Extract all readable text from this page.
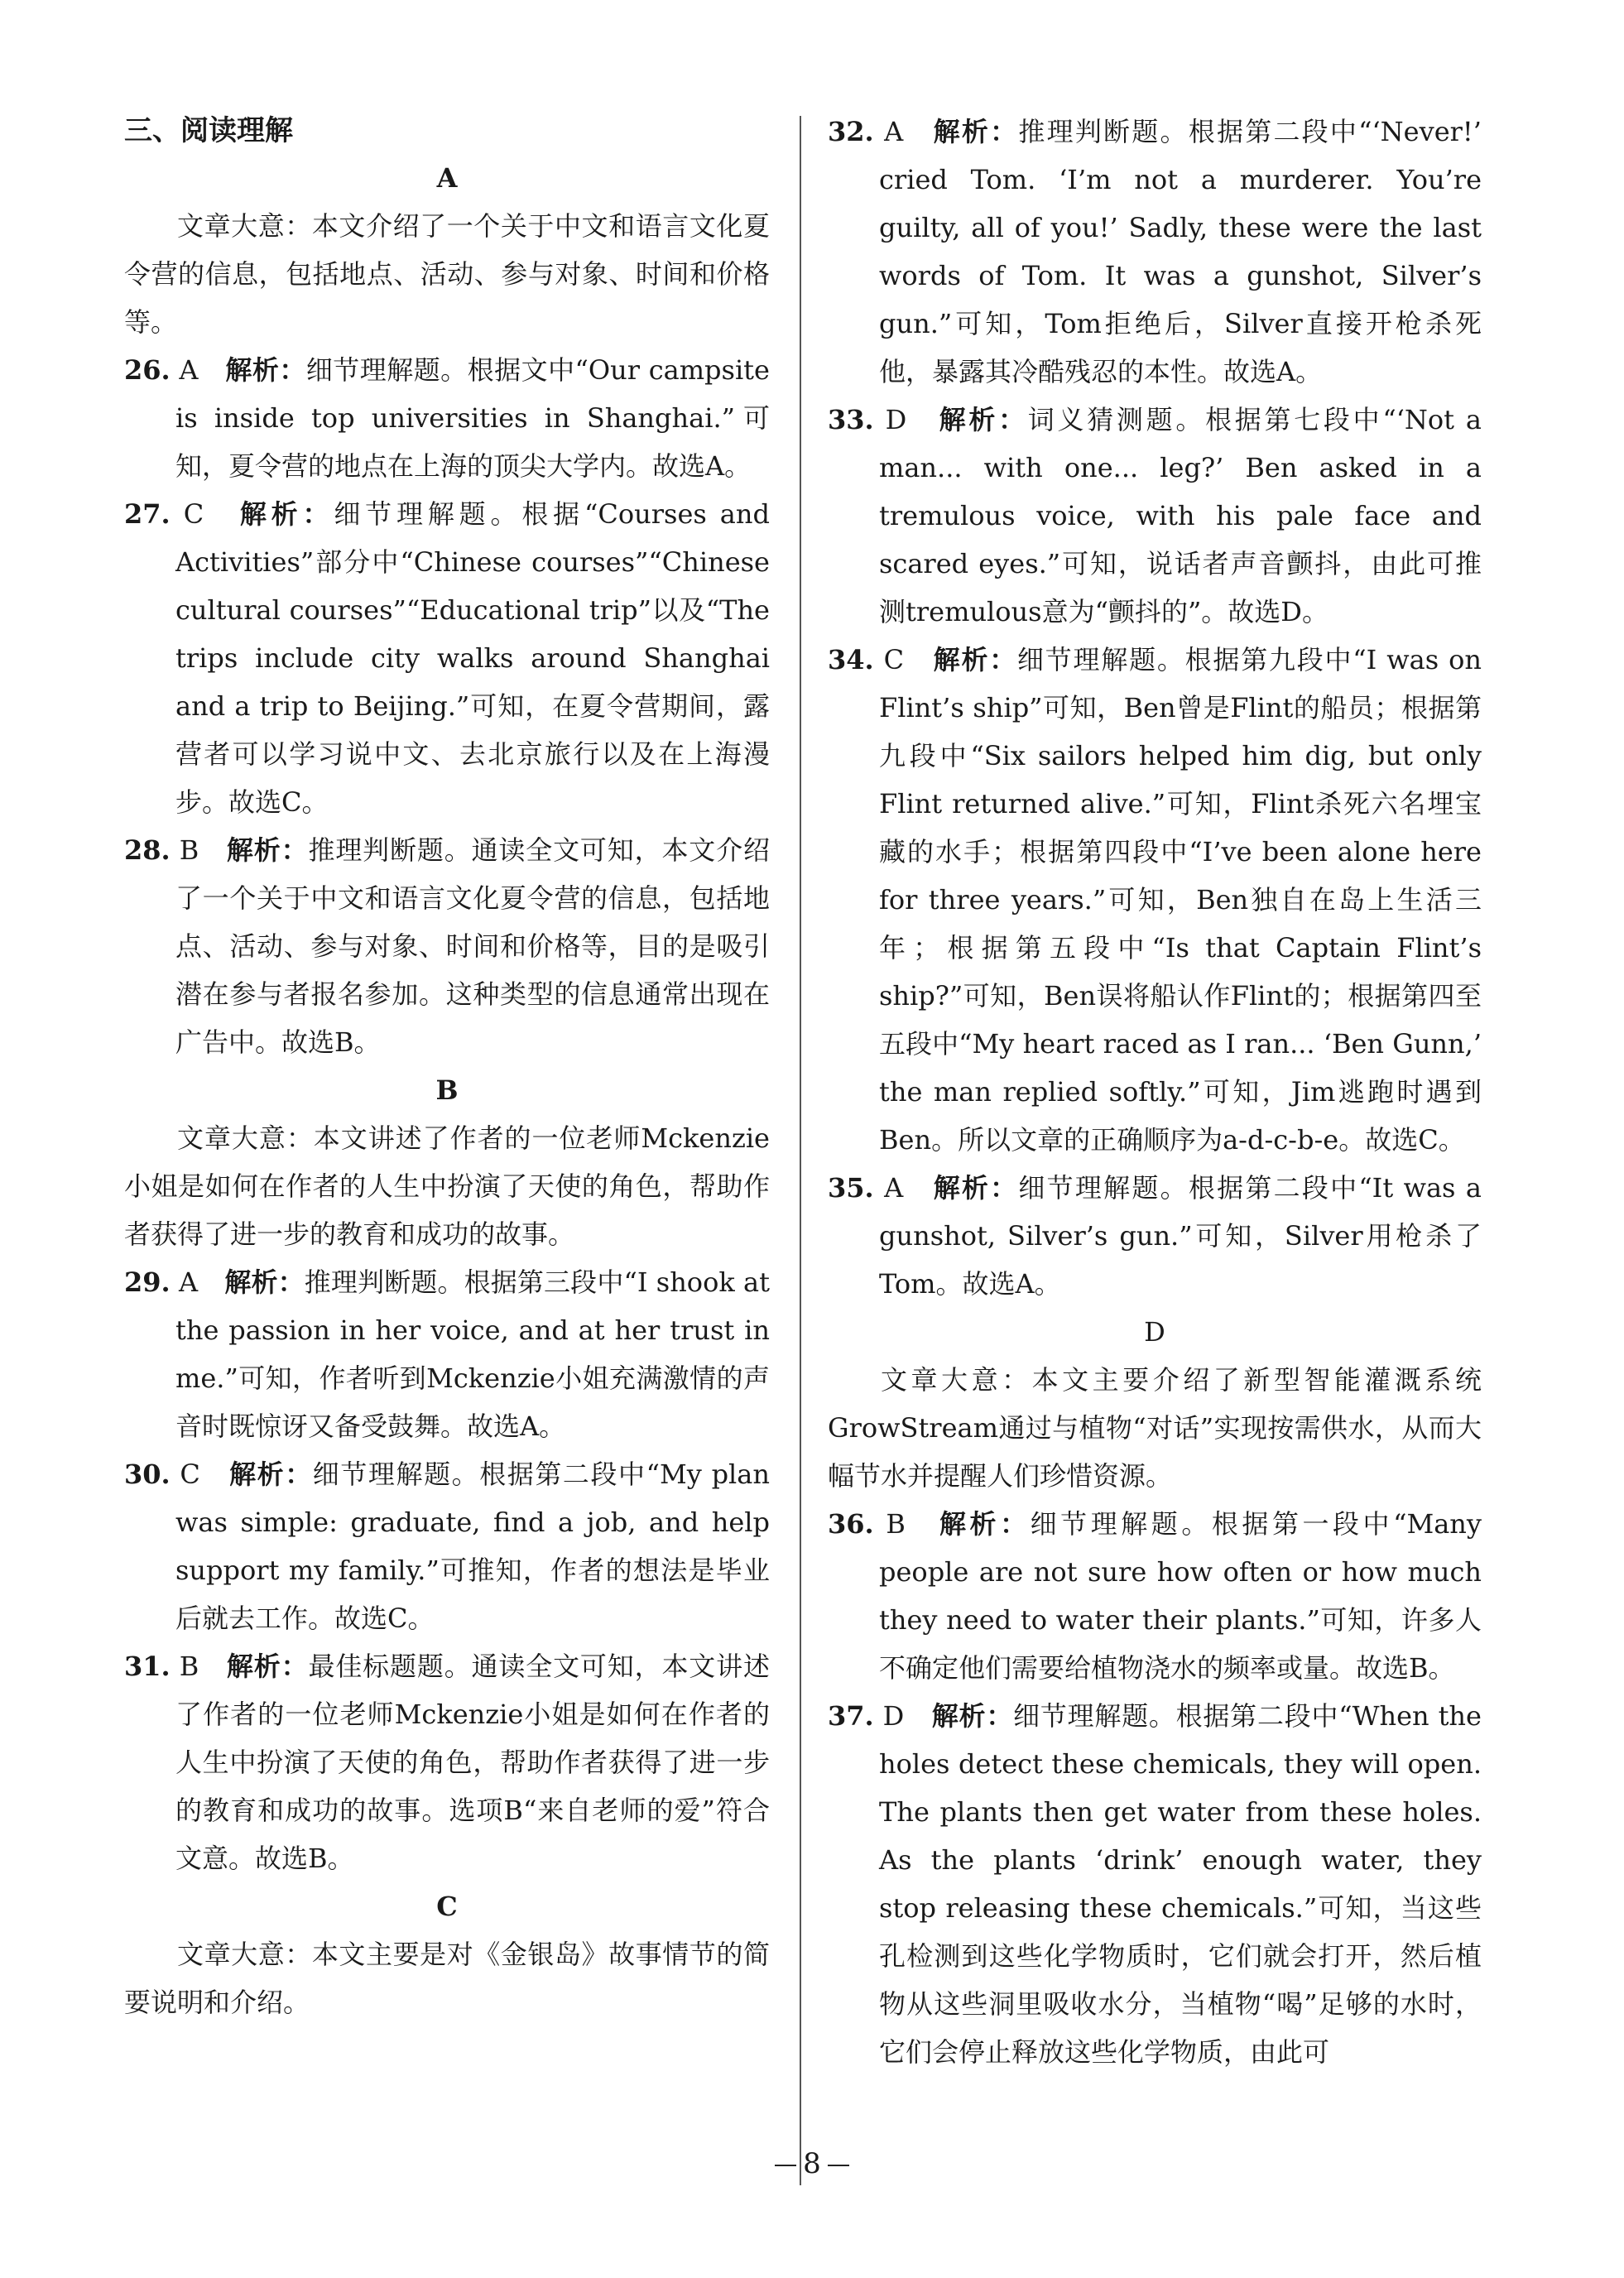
三、阅读理解
A

文章大意：本文介绍了一个关于中文和语言文化夏令营的信息，包括地点、活动、参与对象、时间和价格等。

26. A　 解析：细节理解题。根据文中“Our campsite is inside top universities in Shanghai.”可知，夏令营的地点在上海的顶尖大学内。故选A。

27. C　 解析：细节理解题。根据“Courses and Activities”部分中“Chinese courses”“Chinese cultural courses”“Educational trip”以及“The trips include city walks around Shanghai and a trip to Beijing.”可知，在夏令营期间，露营者可以学习说中文、去北京旅行以及在上海漫步。故选C。

28. B　 解析：推理判断题。通读全文可知，本文介绍了一个关于中文和语言文化夏令营的信息，包括地点、活动、参与对象、时间和价格等，目的是吸引潜在参与者报名参加。这种类型的信息通常出现在广告中。故选B。

B

文章大意：本文讲述了作者的一位老师Mckenzie小姐是如何在作者的人生中扮演了天使的角色，帮助作者获得了进一步的教育和成功的故事。

29. A　 解析：推理判断题。根据第三段中“I shook at the passion in her voice, and at her trust in me.”可知，作者听到Mckenzie小姐充满激情的声音时既惊讶又备受鼓舞。故选A。

30. C　 解析：细节理解题。根据第二段中“My plan was simple: graduate, find a job, and help support my family.”可推知，作者的想法是毕业后就去工作。故选C。

31. B　 解析：最佳标题题。通读全文可知，本文讲述了作者的一位老师Mckenzie小姐是如何在作者的人生中扮演了天使的角色，帮助作者获得了进一步的教育和成功的故事。选项B“来自老师的爱”符合文意。故选B。

C

文章大意：本文主要是对《金银岛》故事情节的简要说明和介绍。

32. A　 解析：推理判断题。根据第二段中“‘Never!’ cried Tom. ‘I’m not a murderer. You’re guilty, all of you!’ Sadly, these were the last words of Tom. It was a gunshot, Silver’s gun.”可知，Tom拒绝后，Silver直接开枪杀死他，暴露其冷酷残忍的本性。故选A。

33. D　 解析：词义猜测题。根据第七段中“‘Not a man... with one... leg?’ Ben asked in a tremulous voice, with his pale face and scared eyes.”可知，说话者声音颤抖，由此可推测tremulous意为“颤抖的”。故选D。

34. C　 解析：细节理解题。根据第九段中“I was on Flint’s ship”可知，Ben曾是Flint的船员；根据第九段中“Six sailors helped him dig, but only Flint returned alive.”可知，Flint杀死六名埋宝藏的水手；根据第四段中“I’ve been alone here for three years.”可知，Ben独自在岛上生活三年；根据第五段中“Is that Captain Flint’s ship?”可知，Ben误将船认作Flint的；根据第四至五段中“My heart raced as I ran... ‘Ben Gunn,’ the man replied softly.”可知，Jim逃跑时遇到Ben。所以文章的正确顺序为a-d-c-b-e。故选C。

35. A　 解析：细节理解题。根据第二段中“It was a gunshot, Silver’s gun.”可知，Silver用枪杀了Tom。故选A。

D

文章大意：本文主要介绍了新型智能灌溉系统GrowStream通过与植物“对话”实现按需供水，从而大幅节水并提醒人们珍惜资源。

36. B　 解析：细节理解题。根据第一段中“Many people are not sure how often or how much they need to water their plants.”可知，许多人不确定他们需要给植物浇水的频率或量。故选B。

37. D　 解析：细节理解题。根据第二段中“When the holes detect these chemicals, they will open. The plants then get water from these holes. As the plants ‘drink’ enough water, they stop releasing these chemicals.”可知，当这些孔检测到这些化学物质时，它们就会打开，然后植物从这些洞里吸收水分，当植物“喝”足够的水时，它们会停止释放这些化学物质，由此可

8
